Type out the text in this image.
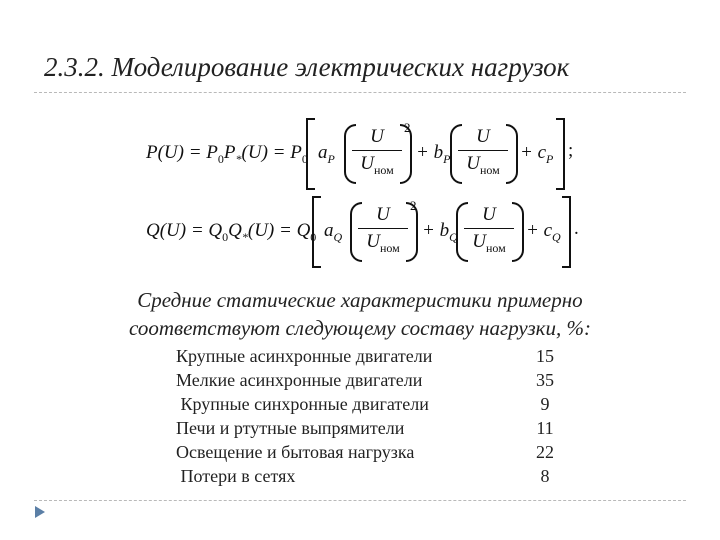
2.3.2. Моделирование электрических нагрузок
$P(U) = P_0P_*(U) = P_0$ $a_P$
U
$U_{ном}$
2
+ $b_P$
U
$U_{ном}$
+ $c_P$ ;
$Q(U) = Q_0Q_*(U) = Q_0$ $a_Q$
U
$U_{ном}$
2
+ $b_Q$
U
$U_{ном}$
+ $c_Q$ .
Средние статические характеристики примерно
соответствуют следующему составу нагрузки, %:
Крупные асинхронные двигатели	15
Мелкие асинхронные двигатели	35
Крупные синхронные двигатели	9
Печи и ртутные выпрямители	11
Освещение и бытовая нагрузка	22
Потери в сетях	8
